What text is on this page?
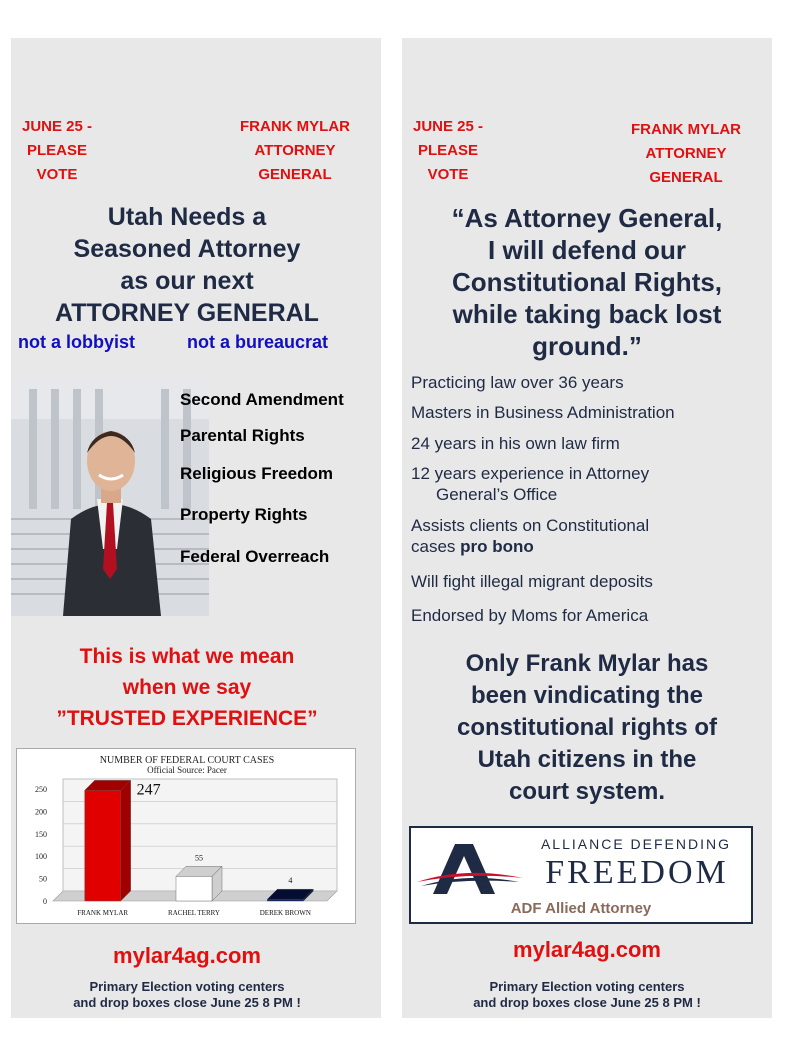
JUNE 25 -
PLEASE
VOTE
FRANK MYLAR
ATTORNEY
GENERAL
Utah Needs a
Seasoned Attorney
as our next
ATTORNEY GENERAL
not a lobbyist	not a bureaucrat
Second Amendment
Parental Rights
Religious Freedom
Property Rights
Federal Overreach
This is what we mean
when we say
”TRUSTED EXPERIENCE”
NUMBER OF FEDERAL COURT CASES
Official Source: Pacer
0
50
100
150
200
250	247
FRANK MYLAR
55
RACHEL TERRY
4
DEREK BROWN
mylar4ag.com
Primary Election voting centers
and drop boxes close June 25 8 PM !
JUNE 25 -
PLEASE
VOTE
FRANK MYLAR
ATTORNEY
GENERAL
“As Attorney General,
I will defend our
Constitutional Rights,
while taking back lost
ground.”
Practicing law over 36 years
Masters in Business Administration
24 years in his own law firm
12 years experience in Attorney
General’s Office
Assists clients on Constitutional
cases pro bono
Will fight illegal migrant deposits
Endorsed by Moms for America
Only Frank Mylar has
been vindicating the
constitutional rights of
Utah citizens in the
court system.
ALLIANCE DEFENDING
FREEDOM
ADF Allied Attorney
mylar4ag.com
Primary Election voting centers
and drop boxes close June 25 8 PM !
